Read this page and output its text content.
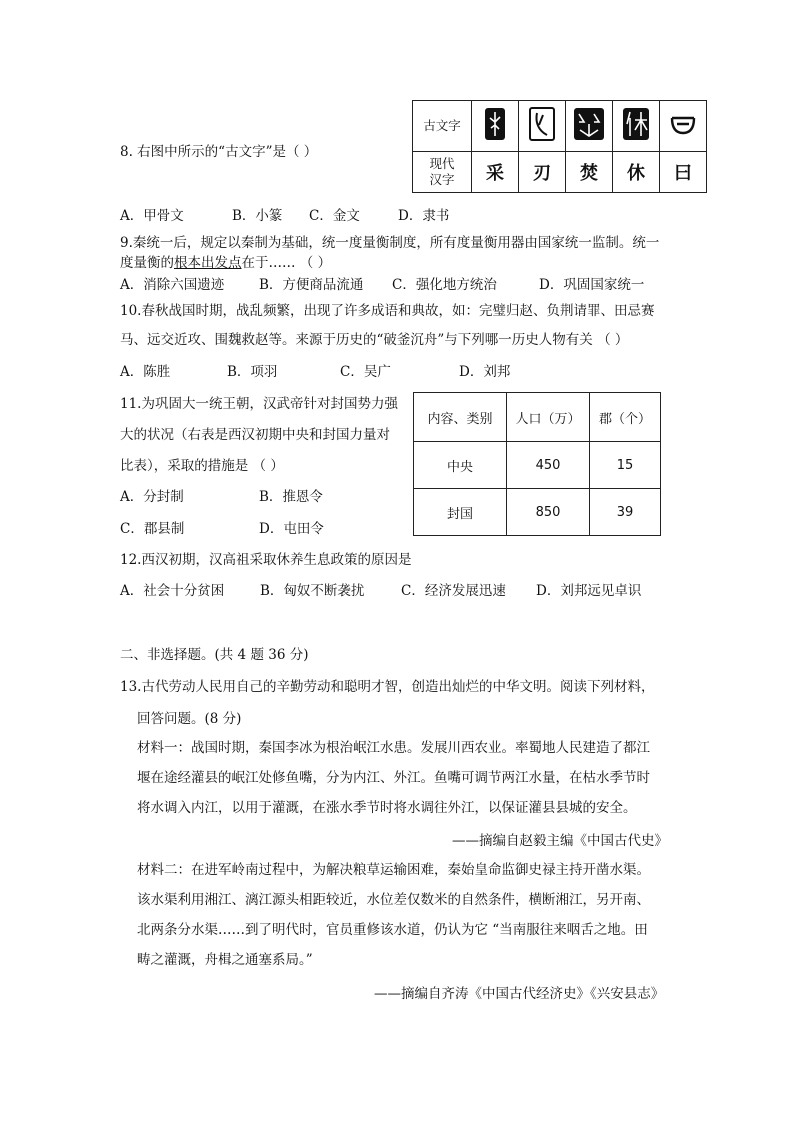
8. 右图中所示的“古文字”是（ ）
古文字	

现代
汉字	采	刃	焚	休	曰
A．甲骨文	B．小篆 C．金文	D．隶书
9.秦统一后，规定以秦制为基础，统一度量衡制度，所有度量衡用器由国家统一监制。统一
度量衡的根本出发点在于…… （ ）
A．消除六国遗迹	B．方便商品流通 C．强化地方统治	D．巩固国家统一
10.春秋战国时期，战乱频繁，出现了许多成语和典故，如：完璧归赵、负荆请罪、田忌赛
马、远交近攻、围魏救赵等。来源于历史的“破釜沉舟”与下列哪一历史人物有关 （ ）
A．陈胜	B．项羽	C．吴广	D．刘邦
11.为巩固大一统王朝，汉武帝针对封国势力强
大的状况（右表是西汉初期中央和封国力量对
比表），采取的措施是 （ ）
A．分封制	B．推恩令
C．郡县制	D．屯田令
内容、类别	人口（万）	郡（个）
中央	450	15
封国	850	39
12.西汉初期，汉高祖采取休养生息政策的原因是
A．社会十分贫困	B．匈奴不断袭扰	C．经济发展迅速 D．刘邦远见卓识
二、非选择题。(共 4 题 36 分)
13.古代劳动人民用自己的辛勤劳动和聪明才智，创造出灿烂的中华文明。阅读下列材料，
回答问题。(8 分)
材料一：战国时期，秦国李冰为根治岷江水患。发展川西农业。率蜀地人民建造了都江
堰在途经灌县的岷江处修鱼嘴，分为内江、外江。鱼嘴可调节两江水量，在枯水季节时
将水调入内江，以用于灌溉，在涨水季节时将水调往外江，以保证灌县县城的安全。
——摘编自赵毅主编《中国古代史》
材料二：在进军岭南过程中，为解决粮草运输困难，秦始皇命监御史禄主持开凿水渠。
该水渠利用湘江、漓江源头相距较近，水位差仅数米的自然条件，横断湘江，另开南、
北两条分水渠……到了明代时，官员重修该水道，仍认为它 “当南服往来咽舌之地。田
畴之灌溉，舟楫之通塞系局。”
——摘编自齐涛《中国古代经济史》《兴安县志》
